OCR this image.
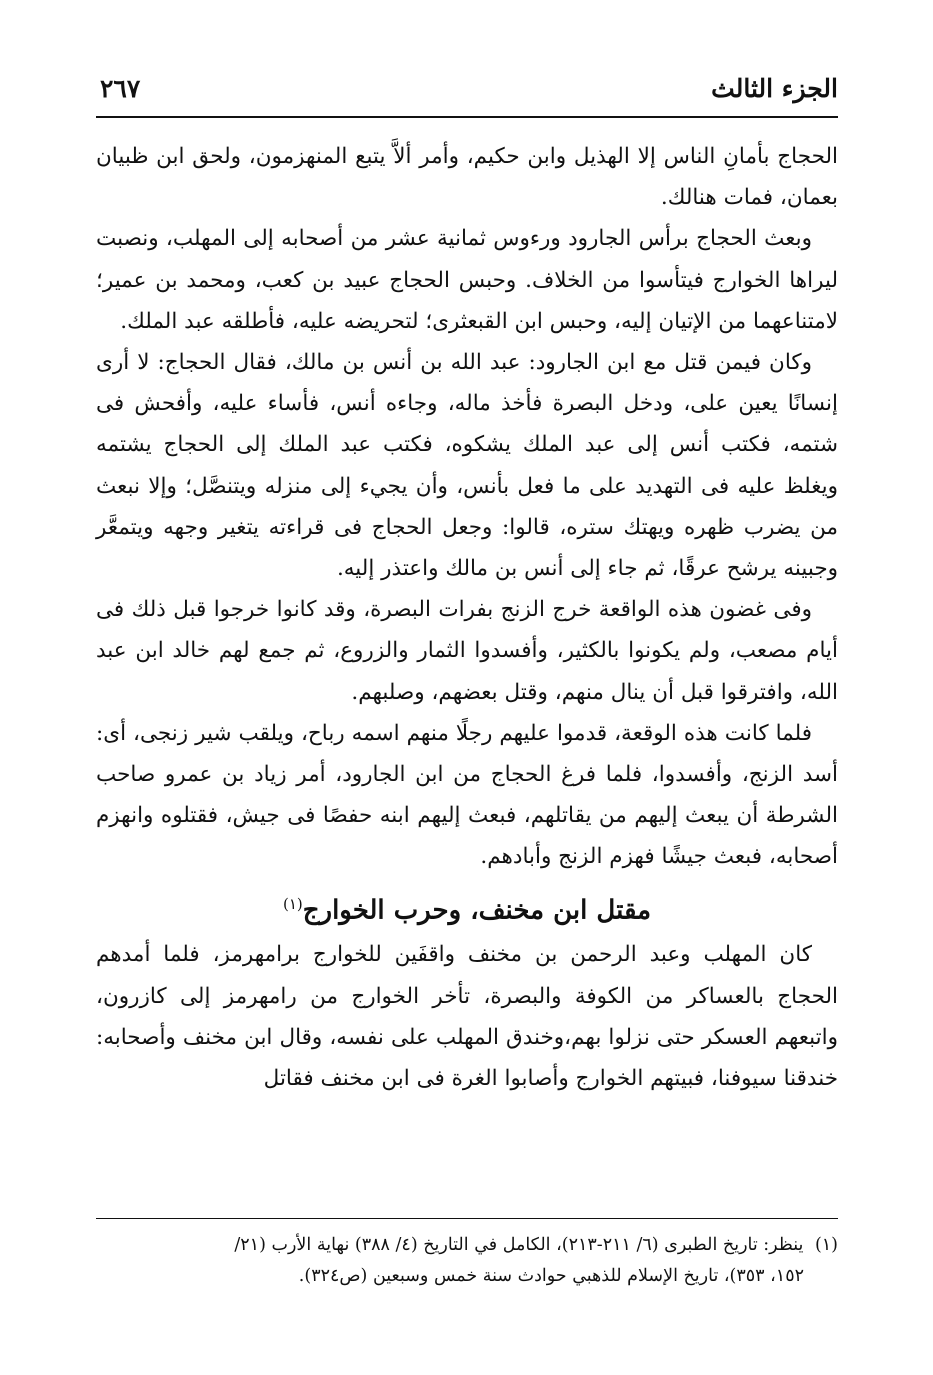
الجزء الثالث
٢٦٧

الحجاج بأمانِ الناس إلا الهذيل وابن حكيم، وأمر ألاَّ يتبع المنهزمون، ولحق ابن ظبيان بعمان، فمات هنالك.

وبعث الحجاج برأس الجارود ورءوس ثمانية عشر من أصحابه إلى المهلب، ونصبت ليراها الخوارج فيتأسوا من الخلاف. وحبس الحجاج عبيد بن كعب، ومحمد بن عمير؛ لامتناعهما من الإتيان إليه، وحبس ابن القبعثرى؛ لتحريضه عليه، فأطلقه عبد الملك.

وكان فيمن قتل مع ابن الجارود: عبد الله بن أنس بن مالك، فقال الحجاج: لا أرى إنسانًا يعين على، ودخل البصرة فأخذ ماله، وجاءه أنس، فأساء عليه، وأفحش فى شتمه، فكتب أنس إلى عبد الملك يشكوه، فكتب عبد الملك إلى الحجاج يشتمه ويغلظ عليه فى التهديد على ما فعل بأنس، وأن يجيء إلى منزله ويتنصَّل؛ وإلا نبعث من يضرب ظهره ويهتك ستره، قالوا: وجعل الحجاج فى قراءته يتغير وجهه ويتمعَّر وجبينه يرشح عرقًا، ثم جاء إلى أنس بن مالك واعتذر إليه.

وفى غضون هذه الواقعة خرج الزنج بفرات البصرة، وقد كانوا خرجوا قبل ذلك فى أيام مصعب، ولم يكونوا بالكثير، وأفسدوا الثمار والزروع، ثم جمع لهم خالد ابن عبد الله، وافترقوا قبل أن ينال منهم، وقتل بعضهم، وصلبهم.

فلما كانت هذه الوقعة، قدموا عليهم رجلًا منهم اسمه رباح، ويلقب شير زنجى، أى: أسد الزنج، وأفسدوا، فلما فرغ الحجاج من ابن الجارود، أمر زياد بن عمرو صاحب الشرطة أن يبعث إليهم من يقاتلهم، فبعث إليهم ابنه حفصًا فى جيش، فقتلوه وانهزم أصحابه، فبعث جيشًا فهزم الزنج وأبادهم.

مقتل ابن مخنف، وحرب الخوارج$^{(١)}$

كان المهلب وعبد الرحمن بن مخنف واقفَين للخوارج برامهرمز، فلما أمدهم الحجاج بالعساكر من الكوفة والبصرة، تأخر الخوارج من رامهرمز إلى كازرون، واتبعهم العسكر حتى نزلوا بهم،وخندق المهلب على نفسه، وقال ابن مخنف وأصحابه: خندقنا سيوفنا، فبيتهم الخوارج وأصابوا الغرة فى ابن مخنف فقاتل

(١) ينظر: تاريخ الطبرى (٦/ ٢١١-٢١٣)، الكامل في التاريخ (٤/ ٣٨٨) نهاية الأرب (٢١/
١٥٢، ٣٥٣)، تاريخ الإسلام للذهبي حوادث سنة خمس وسبعين (ص٣٢٤).
